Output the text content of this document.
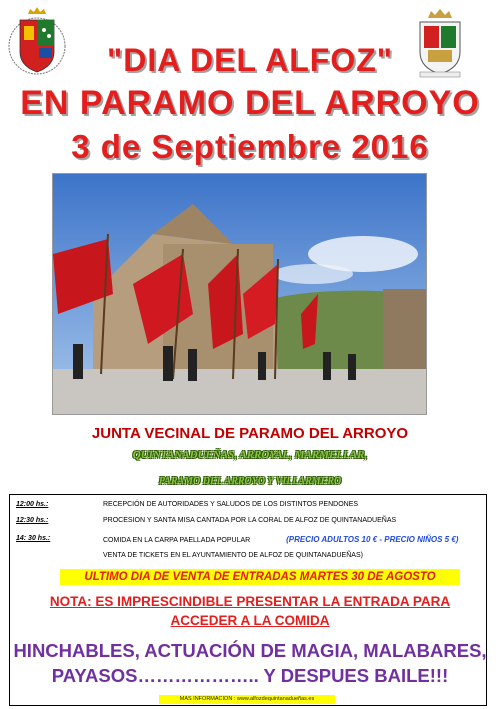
"DIA DEL ALFOZ"
EN PARAMO DEL ARROYO
3 de Septiembre 2016
JUNTA VECINAL DE PARAMO DEL ARROYO
QUINTANADUEÑAS, ARROYAL, MARMELLAR,
PARAMO DEL ARROYO Y VILLARMERO
12:00 hs.:	RECEPCIÓN DE AUTORIDADES Y SALUDOS DE LOS DISTINTOS PENDONES
12:30 hs.:	PROCESION Y SANTA MISA CANTADA POR LA CORAL DE ALFOZ DE QUINTANADUEÑAS
14: 30 hs.:	COMIDA EN LA CARPA PAELLADA POPULAR	(PRECIO ADULTOS 10 € - PRECIO NIÑOS 5 €)
VENTA DE TICKETS EN EL AYUNTAMIENTO DE ALFOZ DE QUINTANADUEÑAS)
ULTIMO DIA DE VENTA DE ENTRADAS MARTES 30 DE AGOSTO
NOTA: ES IMPRESCINDIBLE PRESENTAR LA ENTRADA PARA
ACCEDER A LA COMIDA
HINCHABLES, ACTUACIÓN DE MAGIA, MALABARES,
PAYASOS……………….. Y DESPUES BAILE!!!
MAS INFORMACION : www.alfozdequintanadueñas.es
